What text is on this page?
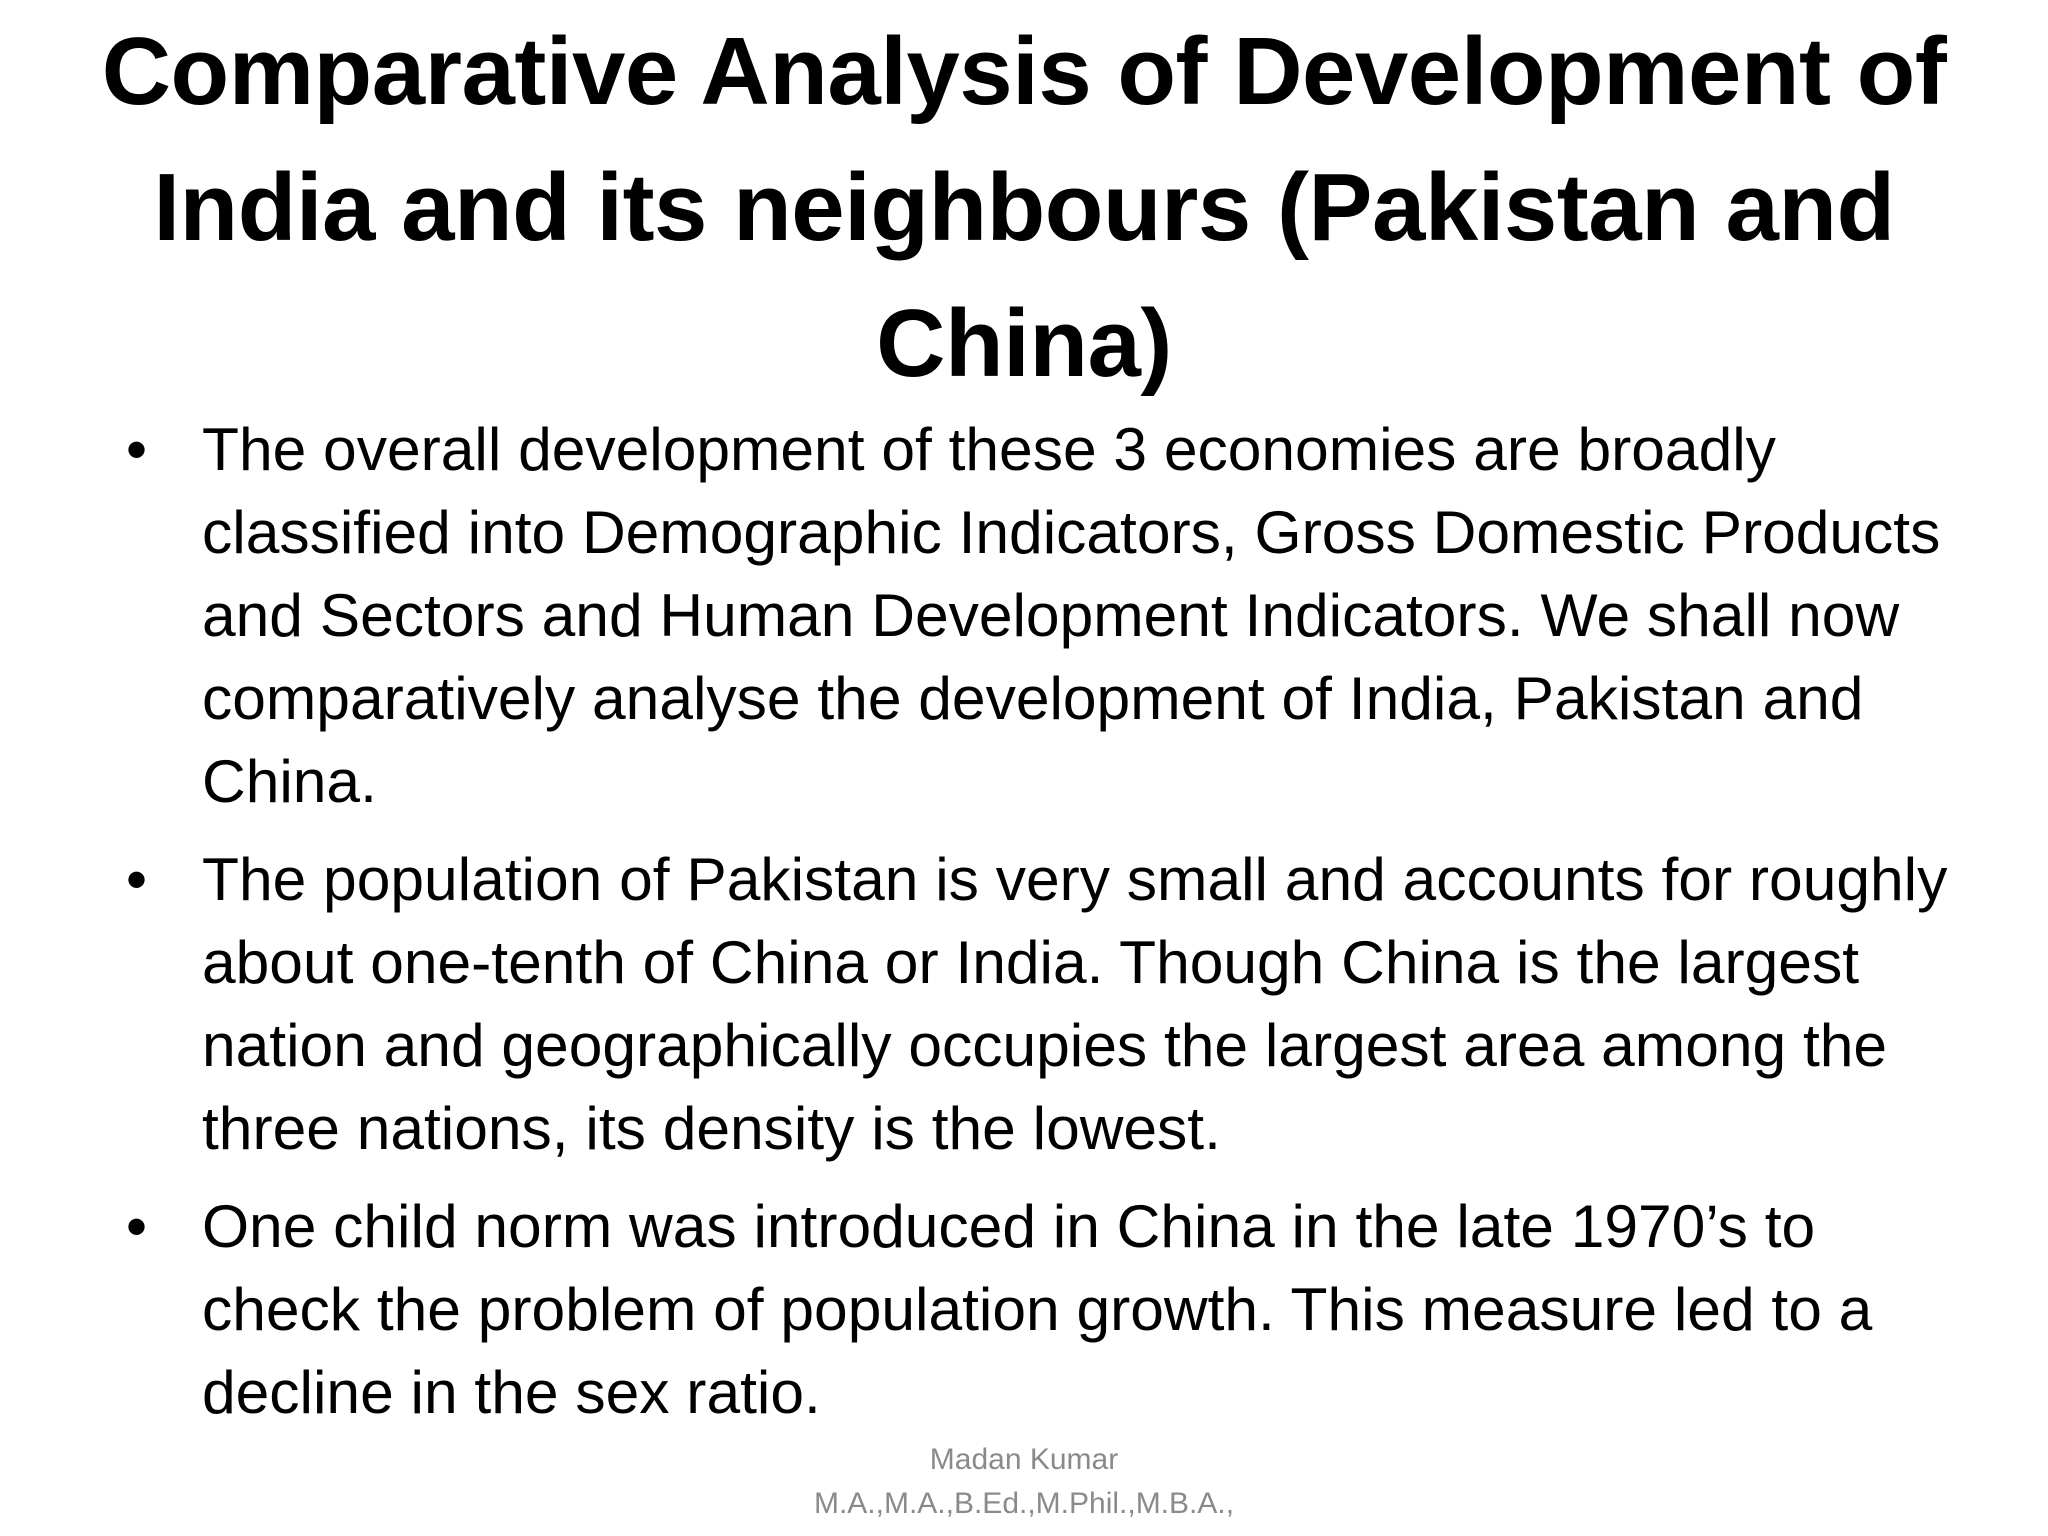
Comparative Analysis of Development of India and its neighbours (Pakistan and China)
• The overall development of these 3 economies are broadly classified into Demographic Indicators, Gross Domestic Products and Sectors and Human Development Indicators. We shall now comparatively analyse the development of India, Pakistan and China.
• The population of Pakistan is very small and accounts for roughly about one-tenth of China or India. Though China is the largest nation and geographically occupies the largest area among the three nations, its density is the lowest.
• One child norm was introduced in China in the late 1970’s to check the problem of population growth. This measure led to a decline in the sex ratio.
Madan Kumar
M.A.,M.A.,B.Ed.,M.Phil.,M.B.A.,
